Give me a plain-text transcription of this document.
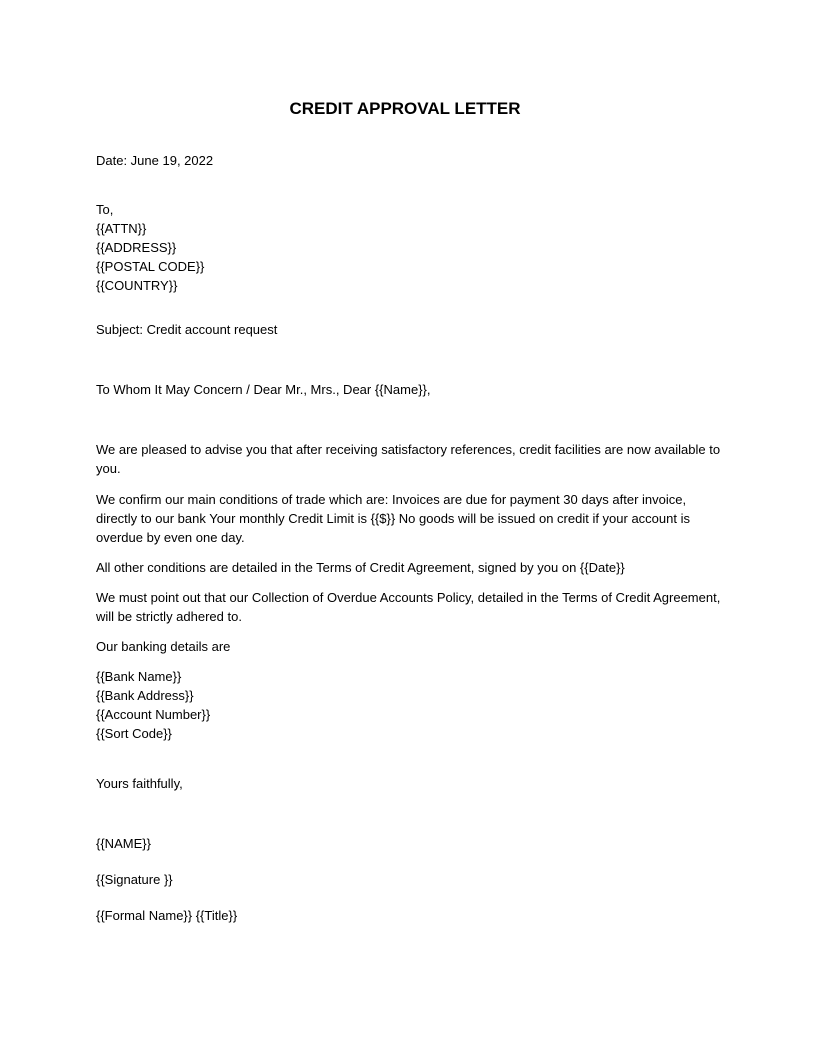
CREDIT APPROVAL LETTER
Date: June 19, 2022
To,
{{ATTN}}
{{ADDRESS}}
{{POSTAL CODE}}
{{COUNTRY}}
Subject: Credit account request
To Whom It May Concern / Dear Mr., Mrs., Dear {{Name}},

We are pleased to advise you that after receiving satisfactory references, credit facilities are now available to you.

We confirm our main conditions of trade which are: Invoices are due for payment 30 days after invoice, directly to our bank Your monthly Credit Limit is {{$}} No goods will be issued on credit if your account is overdue by even one day.

All other conditions are detailed in the Terms of Credit Agreement, signed by you on {{Date}}

We must point out that our Collection of Overdue Accounts Policy, detailed in the Terms of Credit Agreement, will be strictly adhered to.

Our banking details are

{{Bank Name}}
{{Bank Address}}
{{Account Number}}
{{Sort Code}}
Yours faithfully,
{{NAME}}
{{Signature }}
{{Formal Name}} {{Title}}
